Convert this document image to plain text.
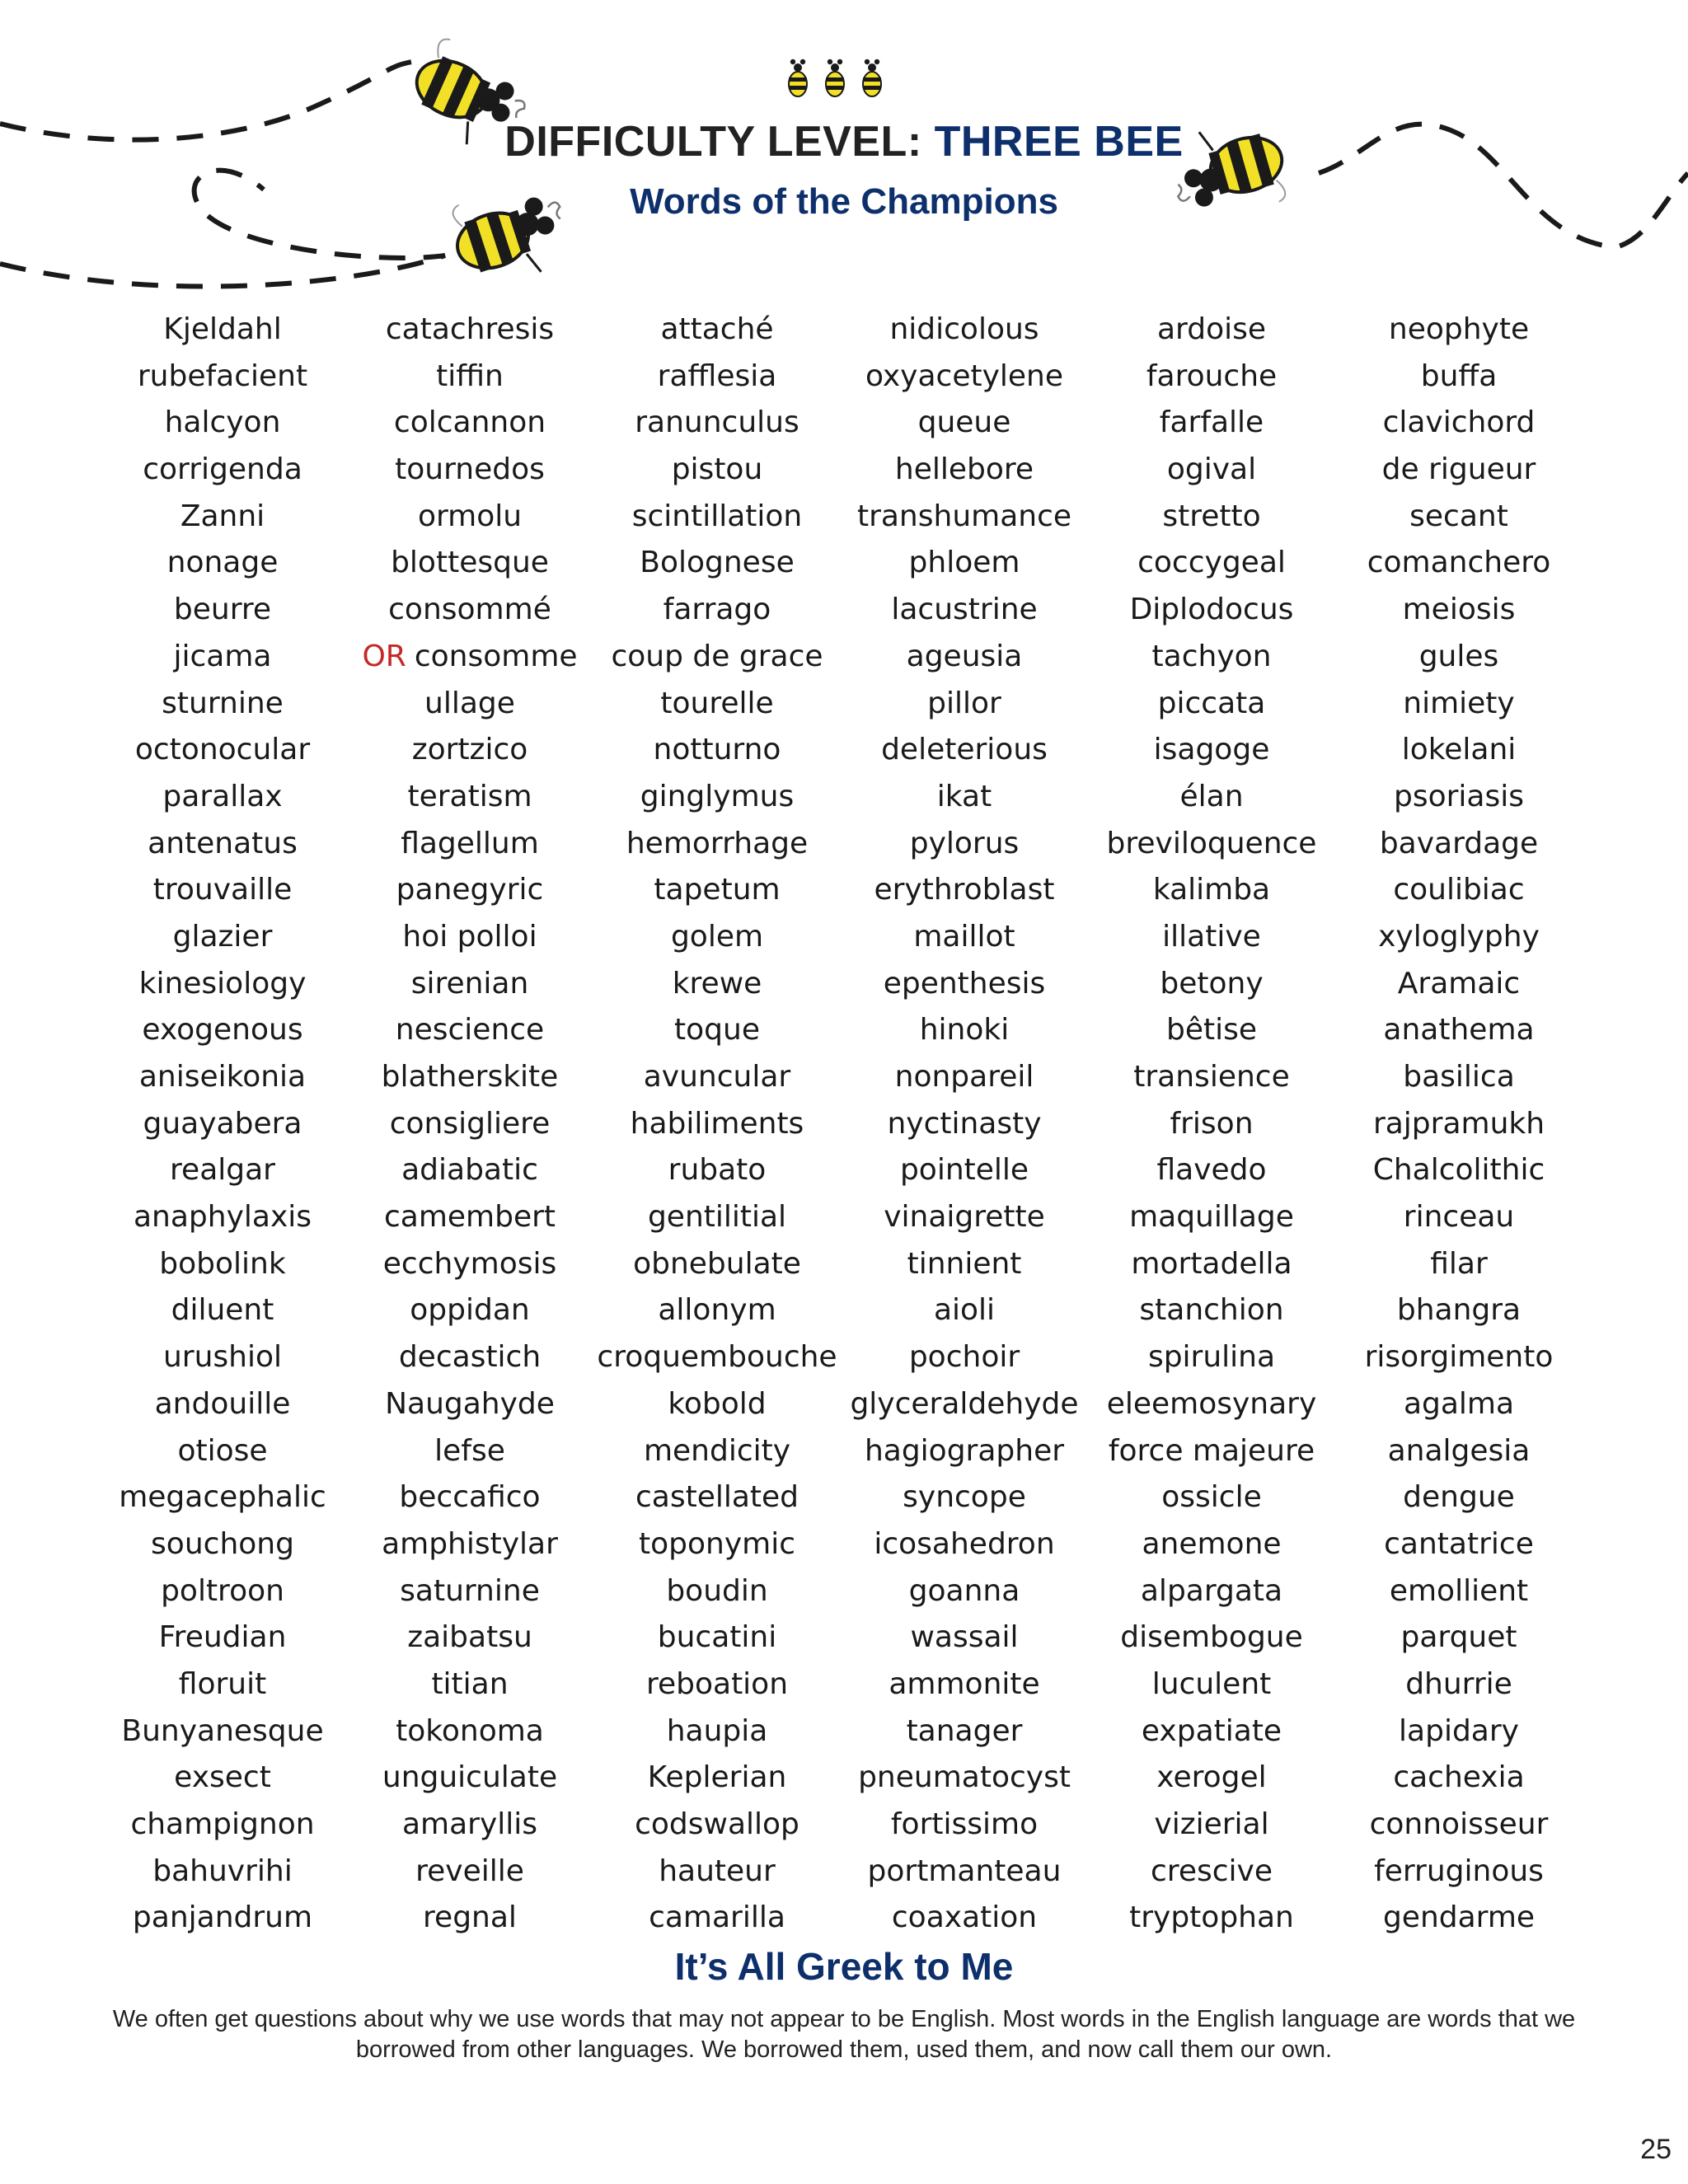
DIFFICULTY LEVEL: THREE BEE
Words of the Champions
Kjeldahl
rubefacient
halcyon
corrigenda
Zanni
nonage
beurre
jicama
sturnine
octonocular
parallax
antenatus
trouvaille
glazier
kinesiology
exogenous
aniseikonia
guayabera
realgar
anaphylaxis
bobolink
diluent
urushiol
andouille
otiose
megacephalic
souchong
poltroon
Freudian
floruit
Bunyanesque
exsect
champignon
bahuvrihi
panjandrum
catachresis
tiffin
colcannon
tournedos
ormolu
blottesque
consommé
OR consomme
ullage
zortzico
teratism
flagellum
panegyric
hoi polloi
sirenian
nescience
blatherskite
consigliere
adiabatic
camembert
ecchymosis
oppidan
decastich
Naugahyde
lefse
beccafico
amphistylar
saturnine
zaibatsu
titian
tokonoma
unguiculate
amaryllis
reveille
regnal
attaché
rafflesia
ranunculus
pistou
scintillation
Bolognese
farrago
coup de grace
tourelle
notturno
ginglymus
hemorrhage
tapetum
golem
krewe
toque
avuncular
habiliments
rubato
gentilitial
obnebulate
allonym
croquembouche
kobold
mendicity
castellated
toponymic
boudin
bucatini
reboation
haupia
Keplerian
codswallop
hauteur
camarilla
nidicolous
oxyacetylene
queue
hellebore
transhumance
phloem
lacustrine
ageusia
pillor
deleterious
ikat
pylorus
erythroblast
maillot
epenthesis
hinoki
nonpareil
nyctinasty
pointelle
vinaigrette
tinnient
aioli
pochoir
glyceraldehyde
hagiographer
syncope
icosahedron
goanna
wassail
ammonite
tanager
pneumatocyst
fortissimo
portmanteau
coaxation
ardoise
farouche
farfalle
ogival
stretto
coccygeal
Diplodocus
tachyon
piccata
isagoge
élan
breviloquence
kalimba
illative
betony
bêtise
transience
frison
flavedo
maquillage
mortadella
stanchion
spirulina
eleemosynary
force majeure
ossicle
anemone
alpargata
disembogue
luculent
expatiate
xerogel
vizierial
crescive
tryptophan
neophyte
buffa
clavichord
de rigueur
secant
comanchero
meiosis
gules
nimiety
lokelani
psoriasis
bavardage
coulibiac
xyloglyphy
Aramaic
anathema
basilica
rajpramukh
Chalcolithic
rinceau
filar
bhangra
risorgimento
agalma
analgesia
dengue
cantatrice
emollient
parquet
dhurrie
lapidary
cachexia
connoisseur
ferruginous
gendarme
It’s All Greek to Me

We often get questions about why we use words that may not appear to be English. Most words in the English language are words that we borrowed from other languages. We borrowed them, used them, and now call them our own.

25
